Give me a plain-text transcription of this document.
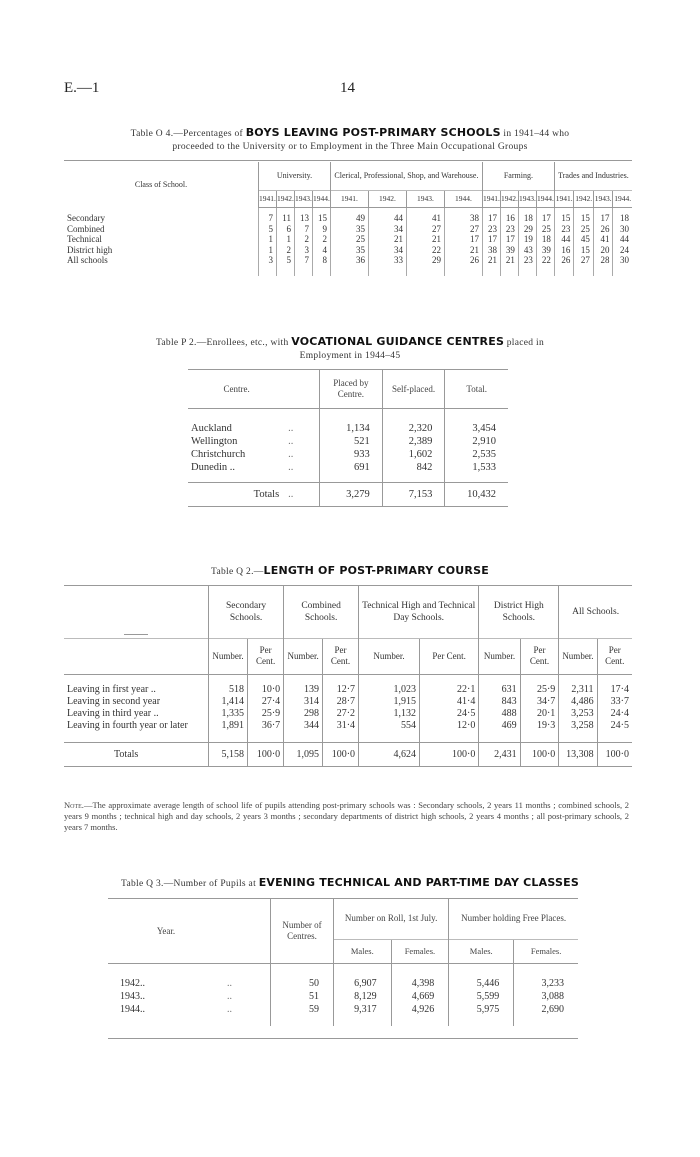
E.—1	14
Table O 4.—Percentages of BOYS LEAVING POST-PRIMARY SCHOOLS in 1941–44 who
proceeded to the University or to Employment in the Three Main Occupational Groups
Class of School.	University.				Clerical, Professional, Shop, and Warehouse.				Farming.				Trades and Industries.			
	1941.	1942.	1943.	1944.	1941.	1942.	1943.	1944.	1941.	1942.	1943.	1944.	1941.	1942.	1943.	1944.

Secondary	7	11	13	15	49	44	41	38	17	16	18	17	15	15	17	18
Combined	5	6	7	9	35	34	27	27	23	23	29	25	23	25	26	30
Technical	1	1	2	2	25	21	21	17	17	17	19	18	44	45	41	44
District high	1	2	3	4	35	34	22	21	38	39	43	39	16	15	20	24
All schools	3	5	7	8	36	33	29	26	21	21	23	22	26	27	28	30

Table P 2.—Enrollees, etc., with VOCATIONAL GUIDANCE CENTRES placed in
Employment in 1944–45
Centre.		Placed by Centre.	Self-placed.	Total.

Auckland	..	1,134	2,320	3,454
Wellington	..	521	2,389	2,910
Christchurch	..	933	1,602	2,535
Dunedin ..	..	691	842	1,533

Totals	..	3,279	7,153	10,432
Table Q 2.—LENGTH OF POST-PRIMARY COURSE
	Secondary Schools.		Combined Schools.		Technical High and Technical Day Schools.		District High Schools.		All Schools.	
	Number.	Per Cent.	Number.	Per Cent.	Number.	Per Cent.	Number.	Per Cent.	Number.	Per Cent.

Leaving in first year ..	518	10·0	139	12·7	1,023	22·1	631	25·9	2,311	17·4
Leaving in second year	1,414	27·4	314	28·7	1,915	41·4	843	34·7	4,486	33·7
Leaving in third year ..	1,335	25·9	298	27·2	1,132	24·5	488	20·1	3,253	24·4
Leaving in fourth year or later	1,891	36·7	344	31·4	554	12·0	469	19·3	3,258	24·5

Totals	5,158	100·0	1,095	100·0	4,624	100·0	2,431	100·0	13,308	100·0
Note.—The approximate average length of school life of pupils attending post-primary schools was : Secondary schools, 2 years 11 months ; combined schools, 2 years 9 months ; technical high and day schools, 2 years 3 months ; secondary departments of district high schools, 2 years 4 months ; all post-primary schools, 2 years 7 months.
Table Q 3.—Number of Pupils at EVENING TECHNICAL AND PART-TIME DAY CLASSES
Year.		Number of Centres.	Number on Roll, 1st July.		Number holding Free Places.	
			Males.	Females.	Males.	Females.

1942..	..	50	6,907	4,398	5,446	3,233
1943..	..	51	8,129	4,669	5,599	3,088
1944..	..	59	9,317	4,926	5,975	2,690
